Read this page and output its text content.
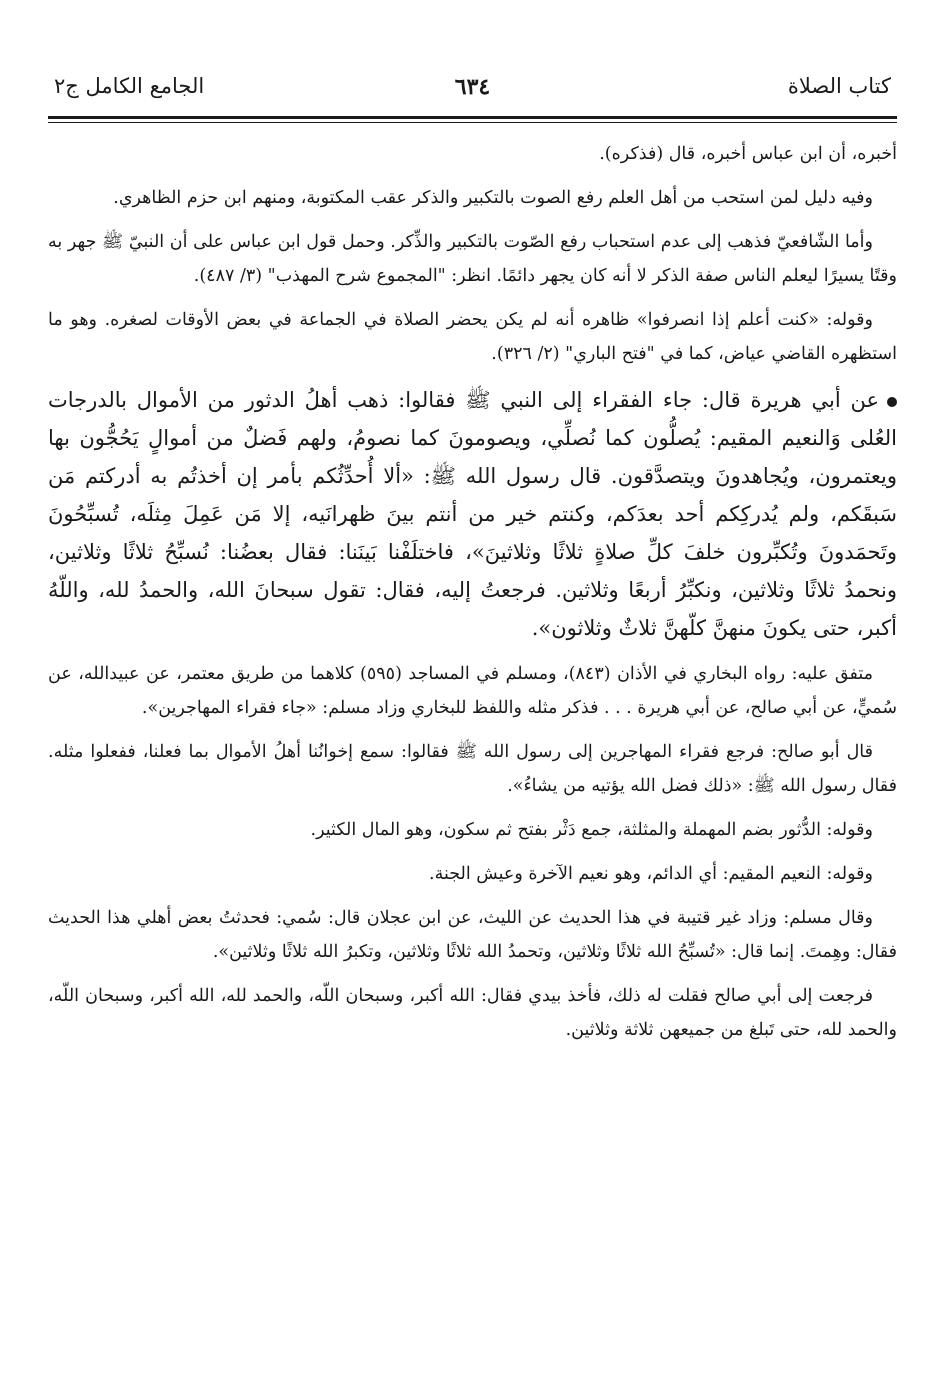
كتاب الصلاة
٦٣٤
الجامع الكامل ج٢

أخبره، أن ابن عباس أخبره، قال (فذكره).

وفيه دليل لمن استحب من أهل العلم رفع الصوت بالتكبير والذكر عقب المكتوبة، ومنهم ابن حزم الظاهري.

وأما الشّافعيّ فذهب إلى عدم استحباب رفع الصّوت بالتكبير والذِّكر. وحمل قول ابن عباس على أن النبيّ ﷺ جهر به وقتًا يسيرًا ليعلم الناس صفة الذكر لا أنه كان يجهر دائمًا. انظر: "المجموع شرح المهذب" (٣/ ٤٨٧).

وقوله: «كنت أعلم إذا انصرفوا» ظاهره أنه لم يكن يحضر الصلاة في الجماعة في بعض الأوقات لصغره. وهو ما استظهره القاضي عياض، كما في "فتح الباري" (٢/ ٣٢٦).

عن أبي هريرة قال: جاء الفقراء إلى النبي ﷺ فقالوا: ذهب أهلُ الدثور من الأموال بالدرجات العُلى وَالنعيم المقيم: يُصلُّون كما نُصلِّي، ويصومونَ كما نصومُ، ولهم فَضلٌ من أموالٍ يَحُجُّون بها ويعتمرون، ويُجاهدونَ ويتصدَّقون. قال رسول الله ﷺ: «ألا أُحدِّثُكم بأمر إن أخذتُم به أدركتم مَن سَبقَكم، ولم يُدركِكم أحد بعدَكم، وكنتم خير من أنتم بينَ ظهرانَيه، إلا مَن عَمِلَ مِثلَه، تُسبِّحُونَ وتَحمَدونَ وتُكبِّرون خلفَ كلِّ صلاةٍ ثلاثًا وثلاثينَ»، فاختلَفْنا بَينَنا: فقال بعضُنا: نُسبِّحُ ثلاثًا وثلاثين، ونحمدُ ثلاثًا وثلاثين، ونكبِّرُ أربعًا وثلاثين. فرجعتُ إليه، فقال: تقول سبحانَ الله، والحمدُ لله، واللّهُ أكبر، حتى يكونَ منهنَّ كلّهنَّ ثلاثٌ وثلاثون».

متفق عليه: رواه البخاري في الأذان (٨٤٣)، ومسلم في المساجد (٥٩٥) كلاهما من طريق معتمر، عن عبيدالله، عن سُميٍّ، عن أبي صالح، عن أبي هريرة . . . فذكر مثله واللفظ للبخاري وزاد مسلم: «جاء فقراء المهاجرين».

قال أبو صالح: فرجع فقراء المهاجرين إلى رسول الله ﷺ فقالوا: سمع إخوانُنا أهلُ الأموال بما فعلنا، ففعلوا مثله. فقال رسول الله ﷺ: «ذلك فضل الله يؤتيه من يشاءُ».

وقوله: الدُّثور بضم المهملة والمثلثة، جمع دَثْر بفتح ثم سكون، وهو المال الكثير.

وقوله: النعيم المقيم: أي الدائم، وهو نعيم الآخرة وعيش الجنة.

وقال مسلم: وزاد غير قتيبة في هذا الحديث عن الليث، عن ابن عجلان قال: سُمي: فحدثتُ بعض أهلي هذا الحديث فقال: وهِمتَ. إنما قال: «تُسبِّحُ الله ثلاثًا وثلاثين، وتحمدُ الله ثلاثًا وثلاثين، وتكبرُ الله ثلاثًا وثلاثين».

فرجعت إلى أبي صالح فقلت له ذلك، فأخذ بيدي فقال: الله أكبر، وسبحان اللّه، والحمد لله، الله أكبر، وسبحان اللّه، والحمد لله، حتى تَبلغ من جميعهن ثلاثة وثلاثين.
